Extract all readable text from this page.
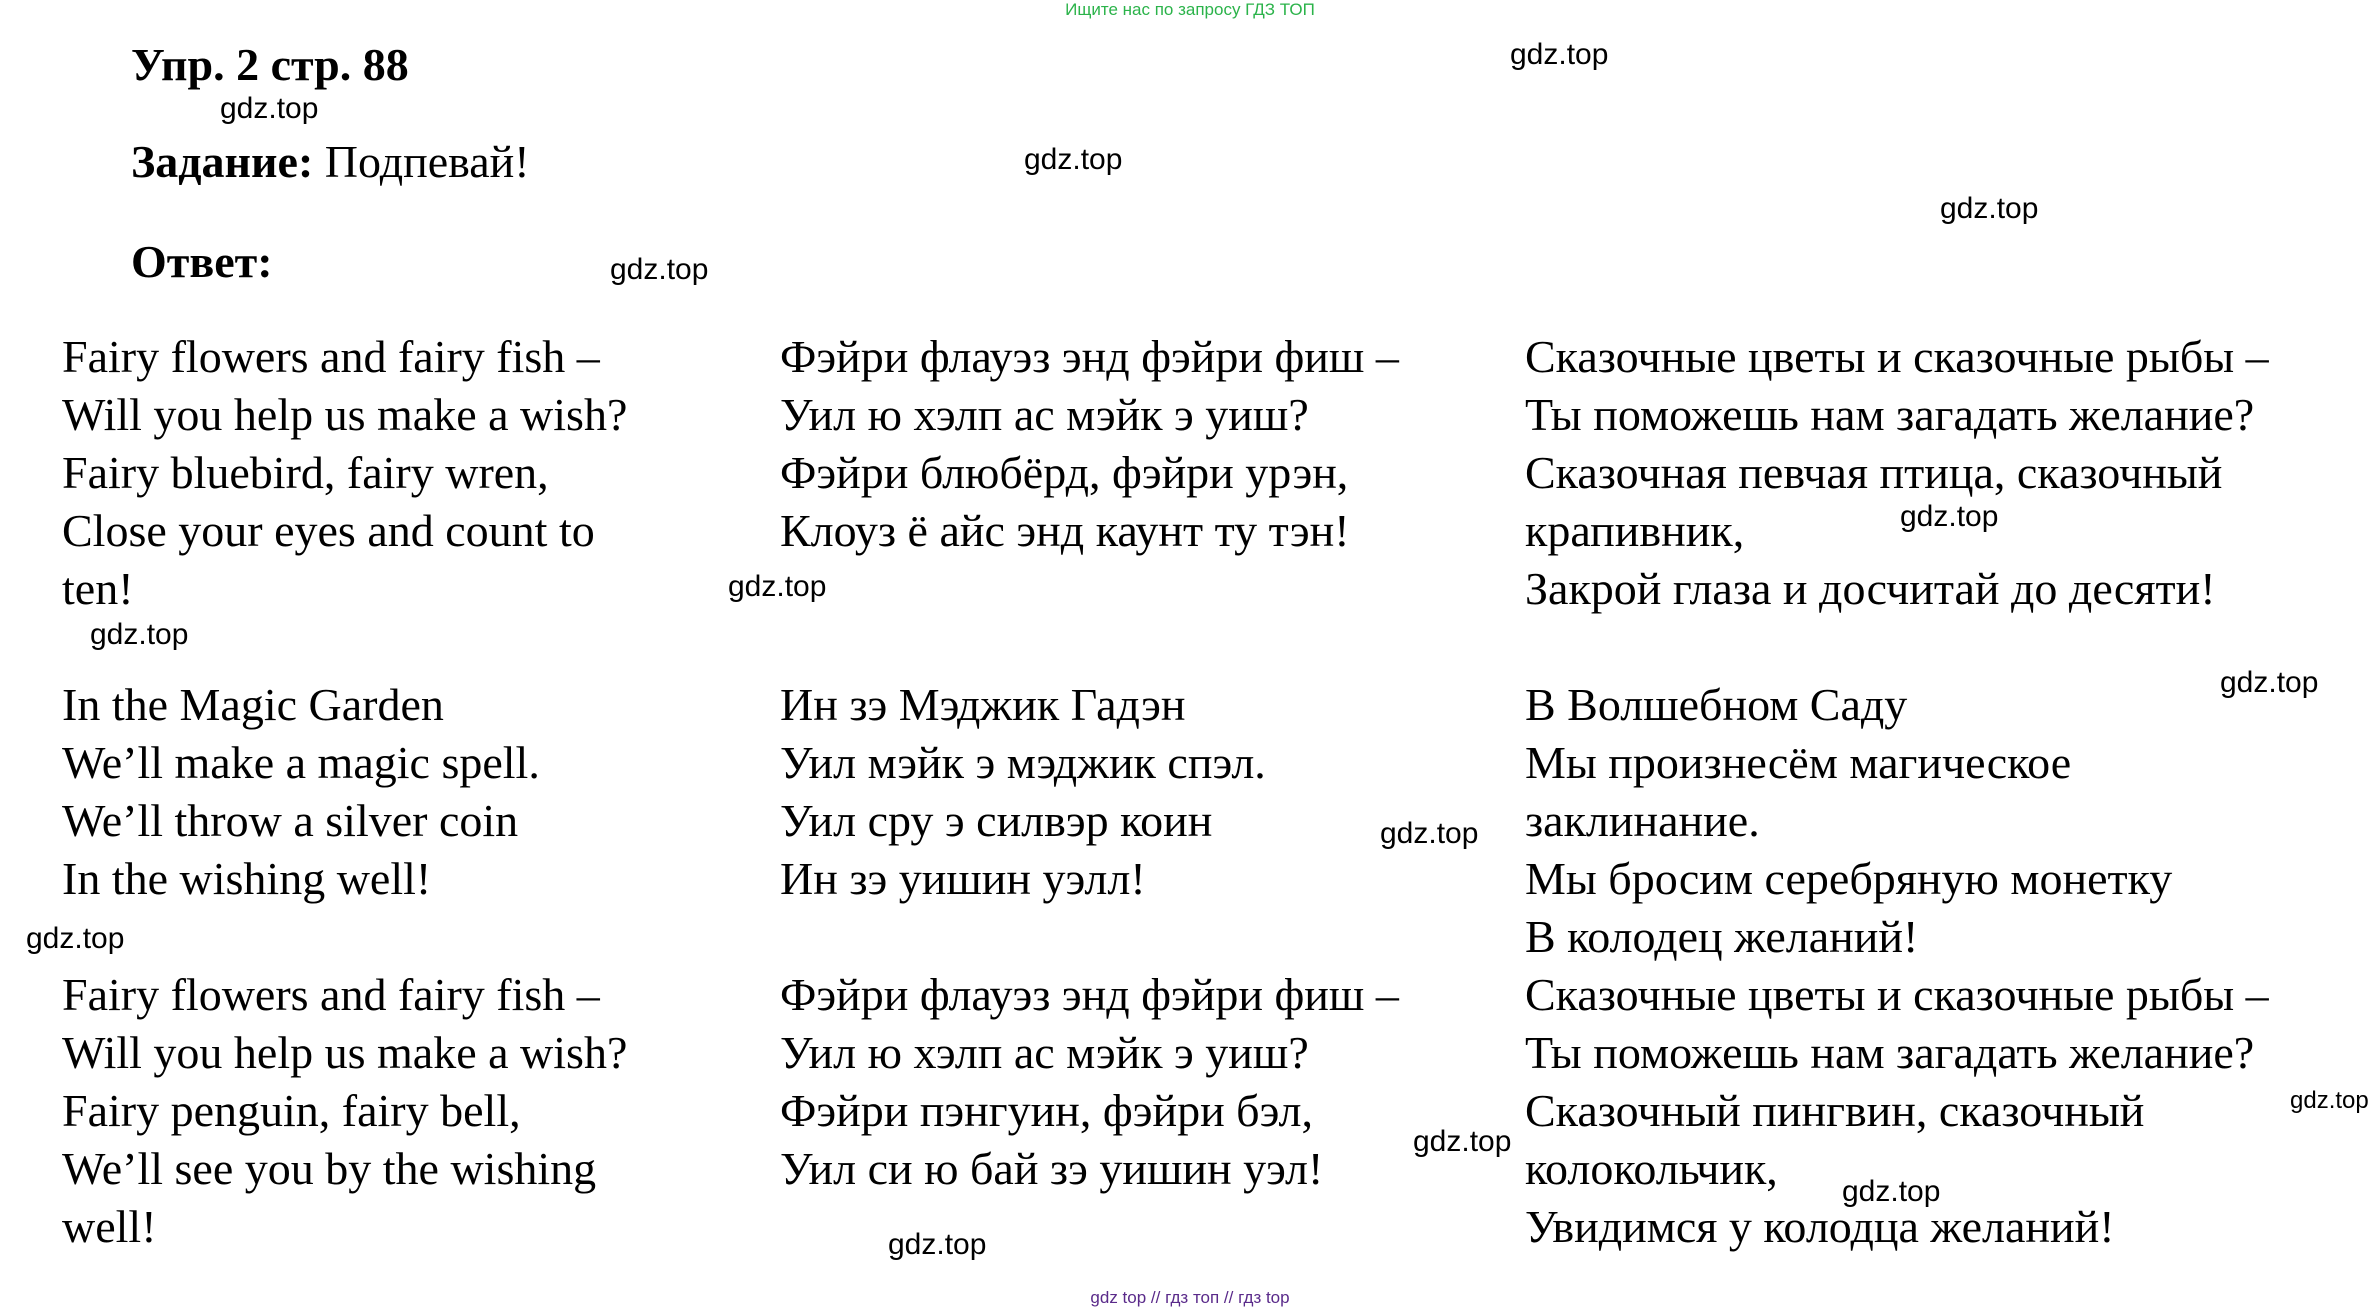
Ищите нас по запросу ГДЗ ТОП
Упр. 2 стр. 88
Задание: Подпевай!
Ответ:
gdz.top
gdz.top
gdz.top
gdz.top
gdz.top
gdz.top
gdz.top
gdz.top
gdz.top
gdz.top
gdz.top
gdz.top
gdz.top
gdz.top
gdz.top
Fairy flowers and fairy fish –
Will you help us make a wish?
Fairy bluebird, fairy wren,
Close your eyes and count to
ten!
In the Magic Garden
We’ll make a magic spell.
We’ll throw a silver coin
In the wishing well!
Fairy flowers and fairy fish –
Will you help us make a wish?
Fairy penguin, fairy bell,
We’ll see you by the wishing
well!
Фэйри флауэз энд фэйри фиш –
Уил ю хэлп ас мэйк э уиш?
Фэйри блюбёрд, фэйри урэн,
Клоуз ё айс энд каунт ту тэн!
Ин зэ Мэджик Гадэн
Уил мэйк э мэджик спэл.
Уил сру э силвэр коин
Ин зэ уишин уэлл!
Фэйри флауэз энд фэйри фиш –
Уил ю хэлп ас мэйк э уиш?
Фэйри пэнгуин, фэйри бэл,
Уил си ю бай зэ уишин уэл!
Сказочные цветы и сказочные рыбы –
Ты поможешь нам загадать желание?
Сказочная певчая птица, сказочный
крапивник,
Закрой глаза и досчитай до десяти!
В Волшебном Саду
Мы произнесём магическое
заклинание.
Мы бросим серебряную монетку
В колодец желаний!
Сказочные цветы и сказочные рыбы –
Ты поможешь нам загадать желание?
Сказочный пингвин, сказочный
колокольчик,
Увидимся у колодца желаний!
gdz top // гдз топ // гдз top
